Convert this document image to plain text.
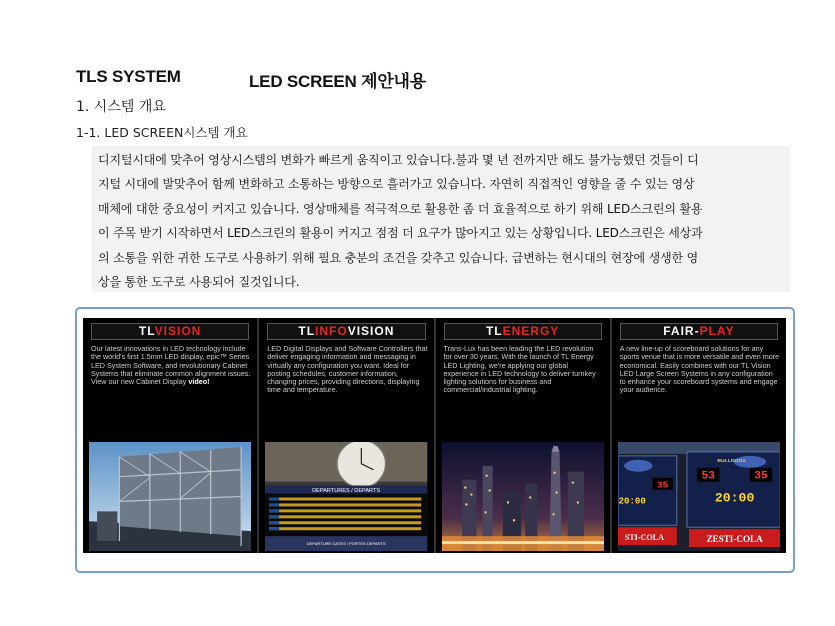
TLS SYSTEM	LED SCREEN 제안내용
1. 시스템 개요
1-1. LED SCREEN시스템 개요

디지털시대에 맞추어 영상시스템의 변화가 빠르게 움직이고 있습니다.불과 몇 년 전까지만 해도 불가능했던 것들이 디

지털 시대에 발맞추어 함께 변화하고 소통하는 방향으로 흘러가고 있습니다. 자연히 직접적인 영향을 줄 수 있는 영상

매체에 대한 중요성이 커지고 있습니다. 영상매체를 적극적으로 활용한 좀 더 효율적으로 하기 위해 LED스크린의 활용

이 주목 받기 시작하면서 LED스크린의 활용이 커지고 점점 더 요구가 많아지고 있는 상황입니다. LED스크린은 세상과

의 소통을 위한 귀한 도구로 사용하기 위해 필요 충분의 조건을 갖추고 있습니다. 급변하는 현시대의 현장에 생생한 영

상을 통한 도구로 사용되어 질것입니다.

TLVISION
Our latest innovations in LED technology include the world's first 1.5mm LED display, epic™ Series LED System Software, and revolutionary Cabinet Systems that eliminate common alignment issues. View our new Cabinet Display video!
TLINFOVISION
LED Digital Displays and Software Controllers that deliver engaging information and messaging in virtually any configuration you want. Ideal for posting schedules, customer information, changing prices, providing directions, displaying time and temperature.
DEPARTURES / DEPARTS
DEPARTURE GATES / PORTES DEPARTS
TLENERGY
Trans-Lux has been leading the LED revolution for over 30 years. With the launch of TL Energy LED Lighting, we're applying our global experience in LED technology to deliver turnkey lighting solutions for business and commercial/industrial lighting.
FAIR-PLAY
A new line-up of scoreboard solutions for any sports venue that is more versatile and even more economical. Easily combines with our TL Vision LED Large Screen Systems in any configuration to enhance your scoreboard systems and engage your audience.
BULLDOGS
53	35
35
20:00	20:00
STI-COLA	ZESTI-COLA
